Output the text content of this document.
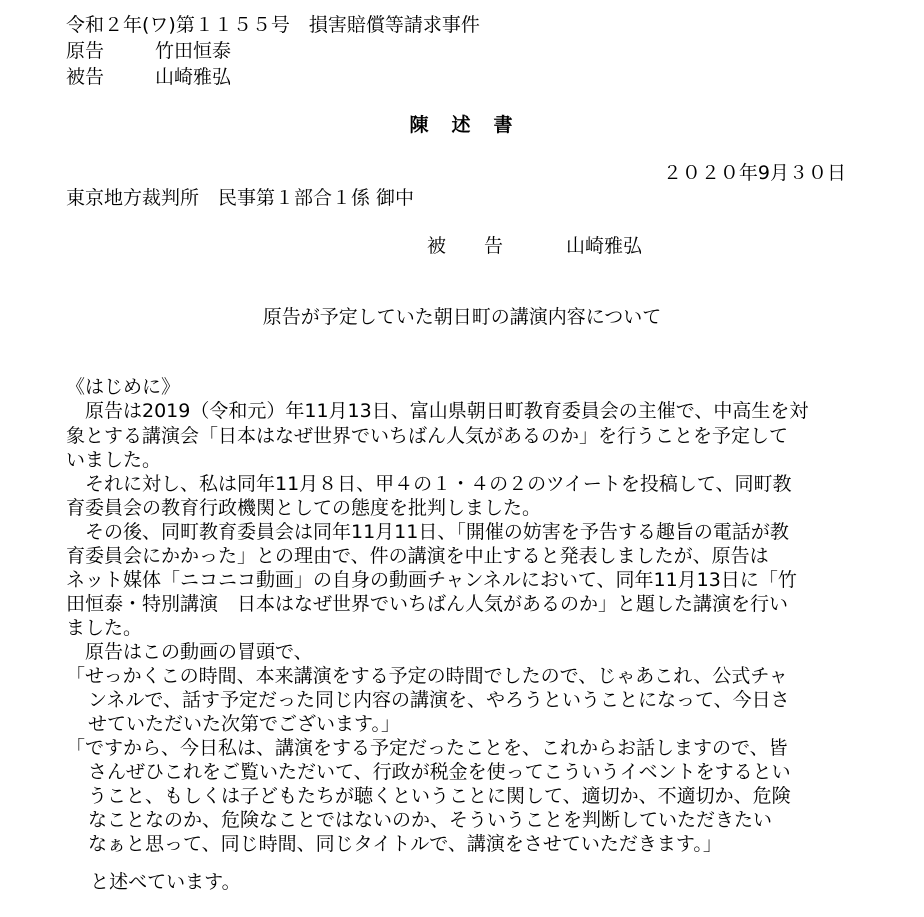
令和２年(ワ)第１１５５号　損害賠償等請求事件
原告	竹田恒泰
被告	山崎雅弘
陳　述　書
２０２０年9月３０日
東京地方裁判所　民事第１部合１係 御中
被　　告	山崎雅弘
原告が予定していた朝日町の講演内容について
《はじめに》
　原告は2019（令和元）年11月13日、富山県朝日町教育委員会の主催で、中高生を対
象とする講演会「日本はなぜ世界でいちばん人気があるのか」を行うことを予定して
いました。
　それに対し、私は同年11月８日、甲４の１・４の２のツイートを投稿して、同町教
育委員会の教育行政機関としての態度を批判しました。
　その後、同町教育委員会は同年11月11日、「開催の妨害を予告する趣旨の電話が教
育委員会にかかった」との理由で、件の講演を中止すると発表しましたが、原告は
ネット媒体「ニコニコ動画」の自身の動画チャンネルにおいて、同年11月13日に「竹
田恒泰・特別講演　日本はなぜ世界でいちばん人気があるのか」と題した講演を行い
ました。
　原告はこの動画の冒頭で、
「せっかくこの時間、本来講演をする予定の時間でしたので、じゃあこれ、公式チャ
ンネルで、話す予定だった同じ内容の講演を、やろうということになって、今日さ
せていただいた次第でございます。」
「ですから、今日私は、講演をする予定だったことを、これからお話しますので、皆
さんぜひこれをご覧いただいて、行政が税金を使ってこういうイベントをするとい
うこと、もしくは子どもたちが聴くということに関して、適切か、不適切か、危険
なことなのか、危険なことではないのか、そういうことを判断していただきたい
なぁと思って、同じ時間、同じタイトルで、講演をさせていただきます。」

と述べています。
